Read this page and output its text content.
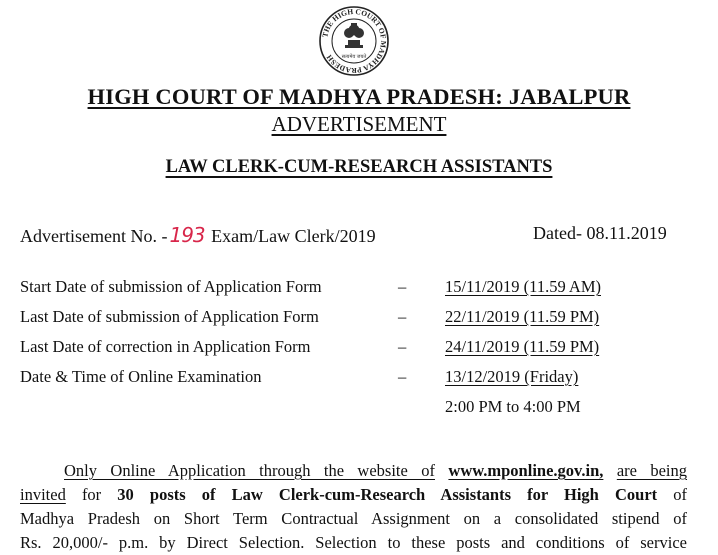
THE HIGH COURT OF MADHYA PRADESH	सत्यमेव जयते
HIGH COURT OF MADHYA PRADESH: JABALPUR
ADVERTISEMENT
LAW CLERK-CUM-RESEARCH ASSISTANTS
Advertisement No. - 193 Exam/Law Clerk/2019	Dated- 08.11.2019
Start Date of submission of Application Form	– 15/11/2019 (11.59 AM)
Last Date of submission of Application Form	– 22/11/2019 (11.59 PM)
Last Date of correction in Application Form	– 24/11/2019 (11.59 PM)
Date & Time of Online Examination	– 13/12/2019 (Friday)
2:00 PM to 4:00 PM
Only Online Application through the website of www.mponline.gov.in, are being
invited for 30 posts of Law Clerk-cum-Research Assistants for High Court of
Madhya Pradesh on Short Term Contractual Assignment on a consolidated stipend of
Rs. 20,000/- p.m. by Direct Selection. Selection to these posts and conditions of service
